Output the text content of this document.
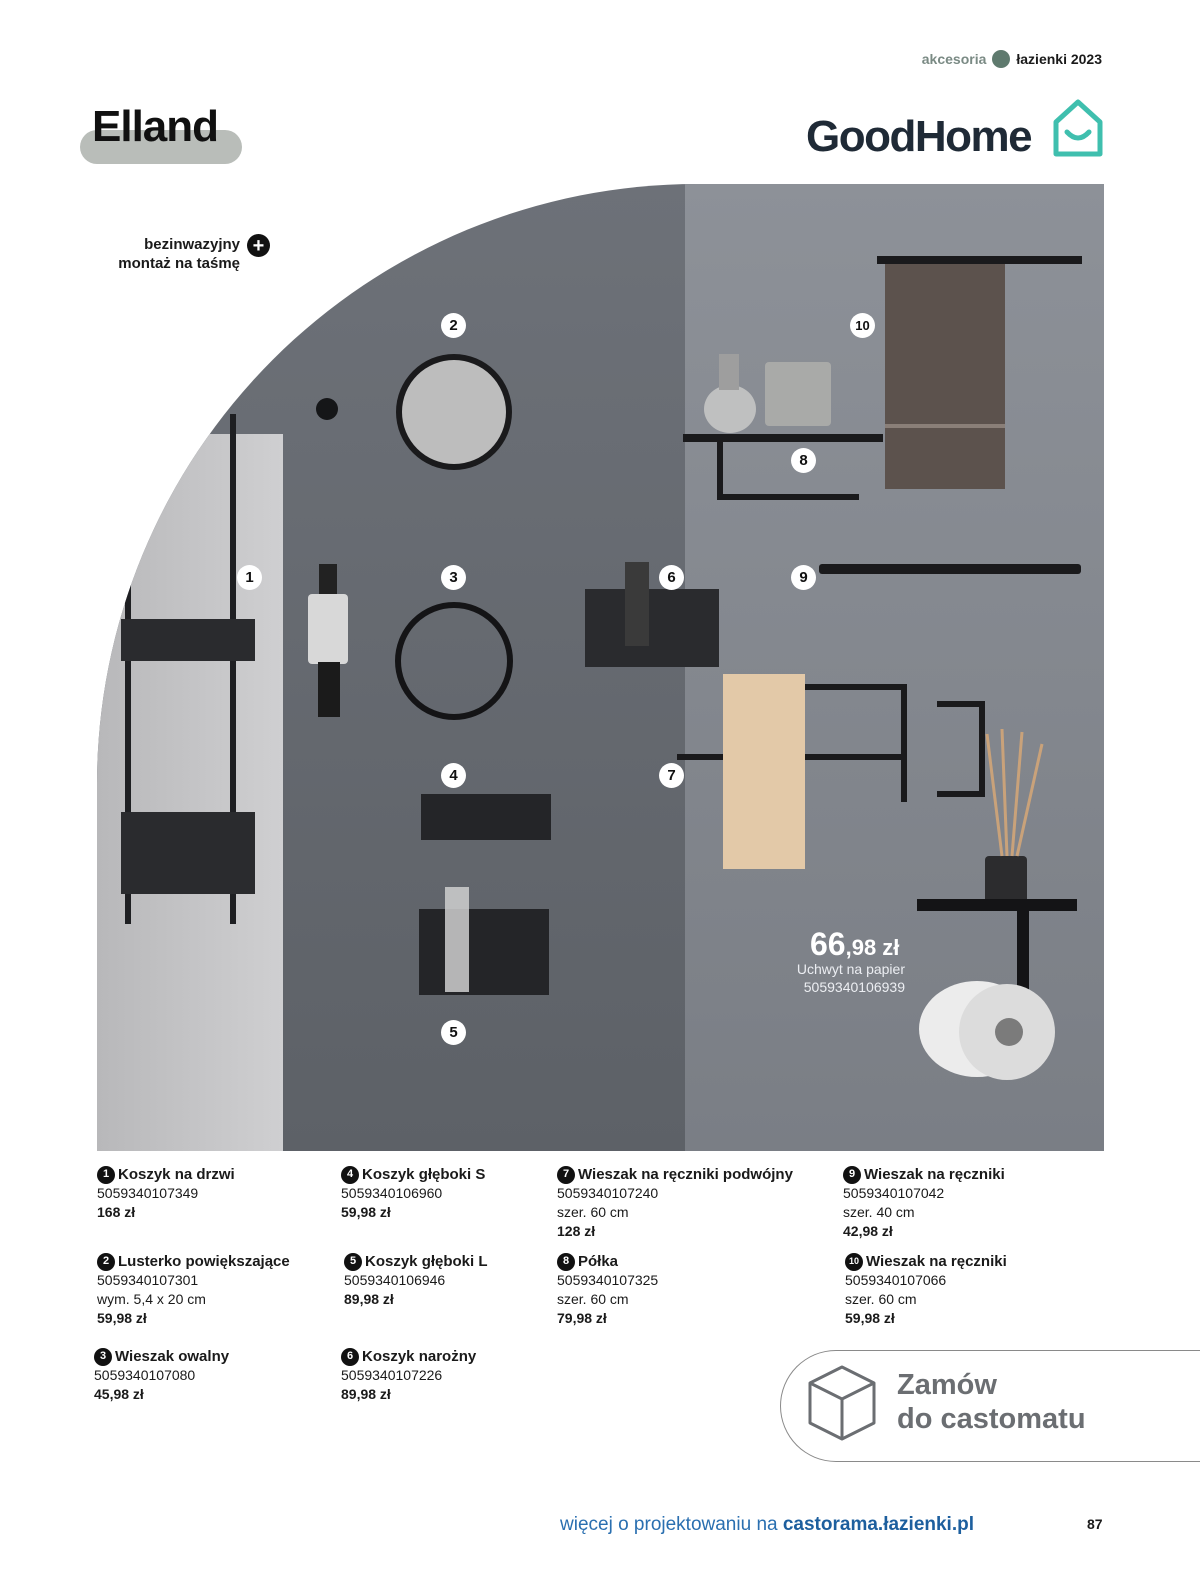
akcesoria łazienki 2023
Elland	GoodHome
1
2
3
4
5
6
7
8
9
10
bezinwazyjny
montaż na taśmę
+
66,98 zł
Uchwyt na papier
5059340106939
1 Koszyk na drzwi
5059340107349
168 zł
2 Lusterko powiększające
5059340107301
wym. 5,4 x 20 cm
59,98 zł
3 Wieszak owalny
5059340107080
45,98 zł
4 Koszyk głęboki S
5059340106960
59,98 zł
5 Koszyk głęboki L
5059340106946
89,98 zł
6 Koszyk narożny
5059340107226
89,98 zł
7 Wieszak na ręczniki podwójny
5059340107240
szer. 60 cm
128 zł
8 Półka
5059340107325
szer. 60 cm
79,98 zł
9 Wieszak na ręczniki
5059340107042
szer. 40 cm
42,98 zł
10 Wieszak na ręczniki
5059340107066
szer. 60 cm
59,98 zł
Zamów
do castomatu
więcej o projektowaniu na castorama.łazienki.pl	87
